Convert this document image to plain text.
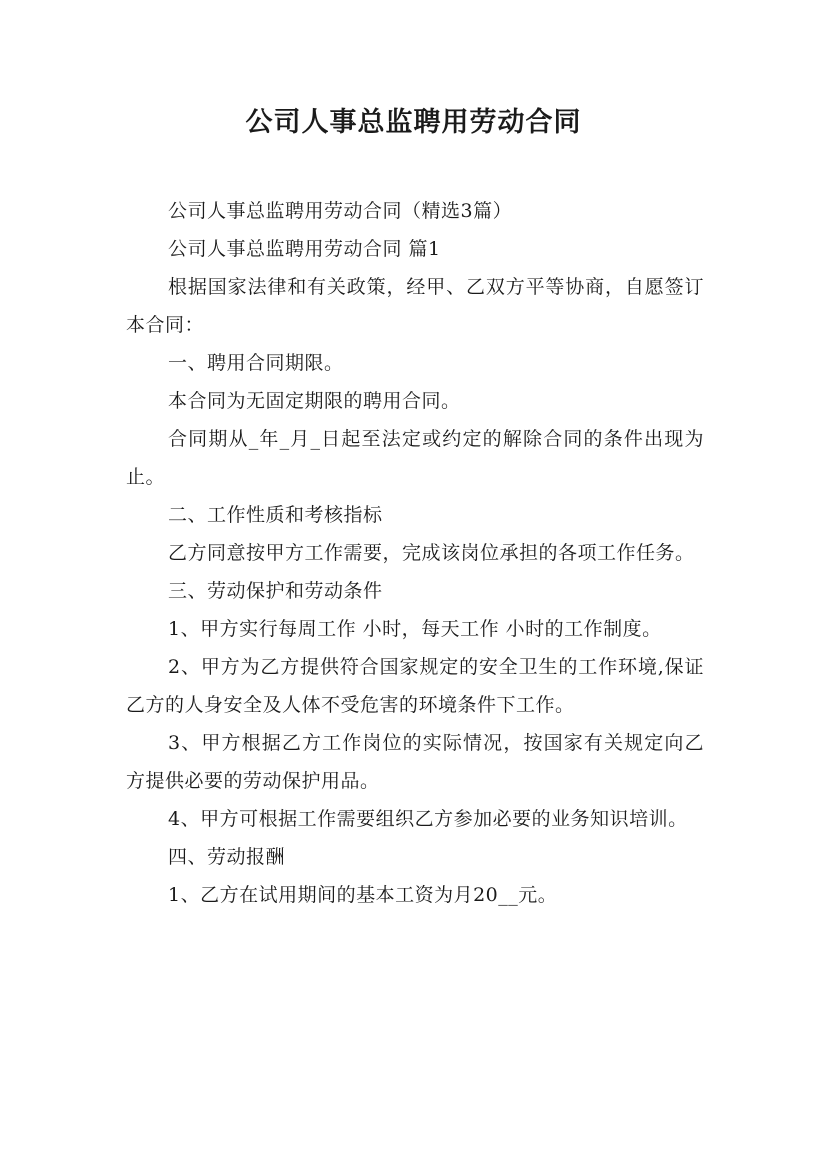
公司人事总监聘用劳动合同

公司人事总监聘用劳动合同（精选3篇）

公司人事总监聘用劳动合同 篇1

根据国家法律和有关政策，经甲、乙双方平等协商，自愿签订本合同：

一、聘用合同期限。

本合同为无固定期限的聘用合同。

合同期从_年_月_日起至法定或约定的解除合同的条件出现为止。

二、工作性质和考核指标

乙方同意按甲方工作需要，完成该岗位承担的各项工作任务。

三、劳动保护和劳动条件

1、甲方实行每周工作 小时，每天工作 小时的工作制度。

2、甲方为乙方提供符合国家规定的安全卫生的工作环境,保证乙方的人身安全及人体不受危害的环境条件下工作。

3、甲方根据乙方工作岗位的实际情况，按国家有关规定向乙方提供必要的劳动保护用品。

4、甲方可根据工作需要组织乙方参加必要的业务知识培训。

四、劳动报酬

1、乙方在试用期间的基本工资为月20__元。
